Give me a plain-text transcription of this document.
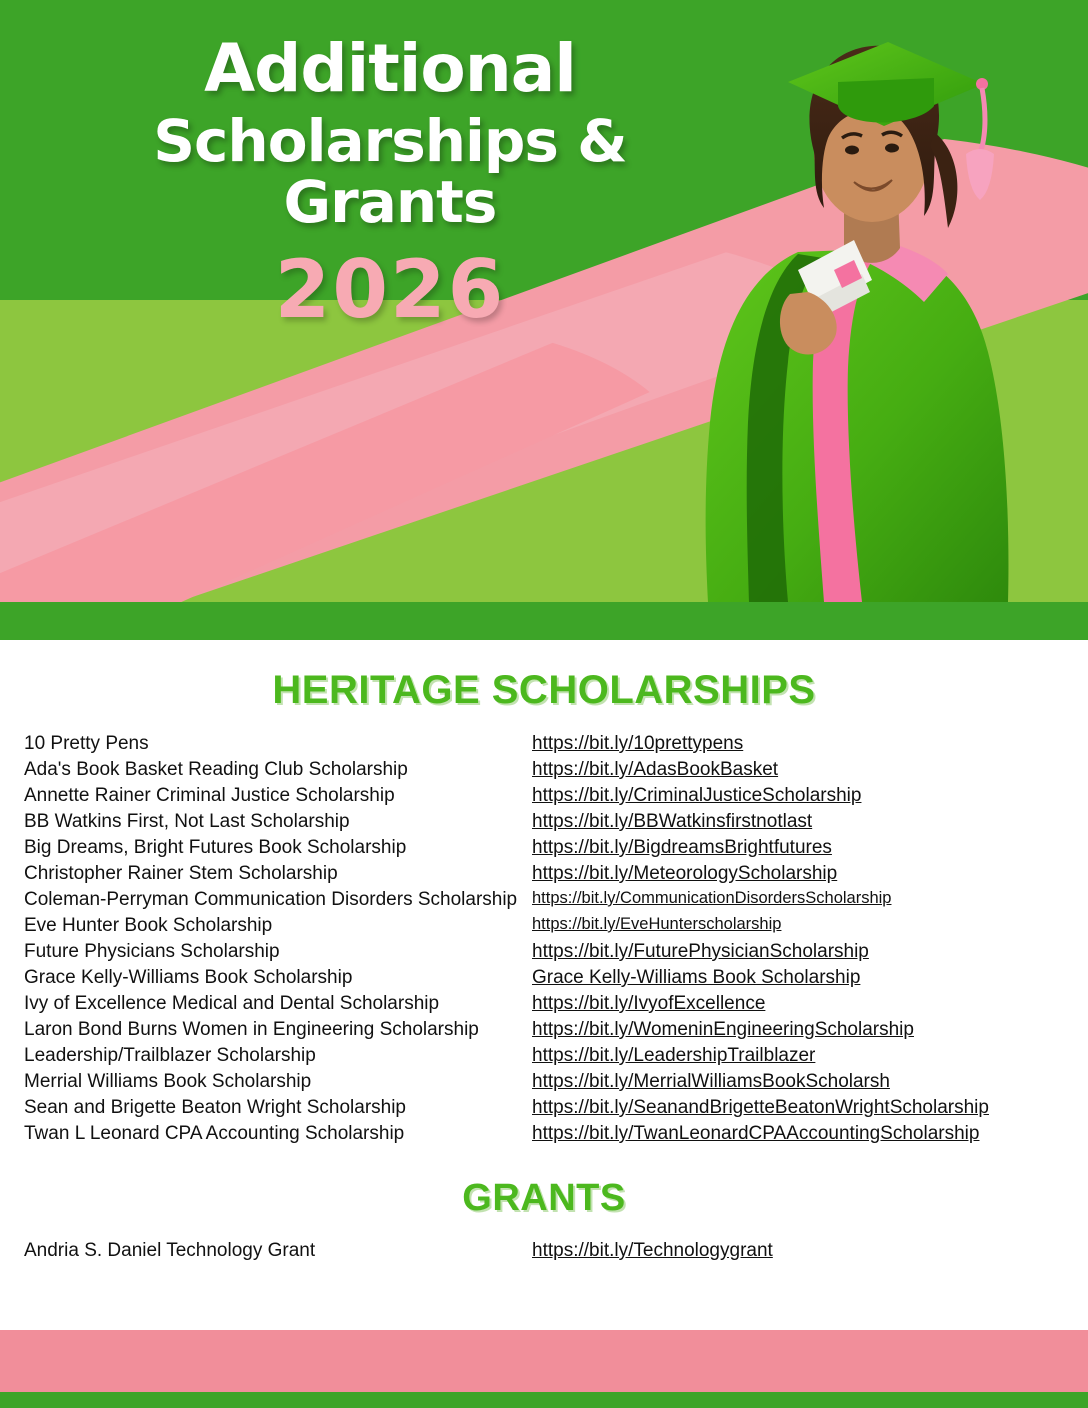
Additional
Scholarships & Grants
2026
HERITAGE SCHOLARSHIPS
10 Pretty Pens	https://bit.ly/10prettypens
Ada's Book Basket Reading Club Scholarship	https://bit.ly/AdasBookBasket
Annette Rainer Criminal Justice Scholarship	https://bit.ly/CriminalJusticeScholarship
BB Watkins First, Not Last Scholarship	https://bit.ly/BBWatkinsfirstnotlast
Big Dreams, Bright Futures Book Scholarship	https://bit.ly/BigdreamsBrightfutures
Christopher Rainer Stem Scholarship	https://bit.ly/MeteorologyScholarship
Coleman-Perryman Communication Disorders Scholarship	https://bit.ly/CommunicationDisordersScholarship
Eve Hunter Book Scholarship	https://bit.ly/EveHunterscholarship
Future Physicians Scholarship	https://bit.ly/FuturePhysicianScholarship
Grace Kelly-Williams Book Scholarship	Grace Kelly-Williams Book Scholarship
Ivy of Excellence Medical and Dental Scholarship	https://bit.ly/IvyofExcellence
Laron Bond Burns Women in Engineering Scholarship	https://bit.ly/WomeninEngineeringScholarship
Leadership/Trailblazer Scholarship	https://bit.ly/LeadershipTrailblazer
Merrial Williams Book Scholarship	https://bit.ly/MerrialWilliamsBookScholarsh
Sean and Brigette Beaton Wright Scholarship	https://bit.ly/SeanandBrigetteBeatonWrightScholarship
Twan L Leonard CPA Accounting Scholarship	https://bit.ly/TwanLeonardCPAAccountingScholarship
GRANTS
Andria S. Daniel Technology Grant	https://bit.ly/Technologygrant
